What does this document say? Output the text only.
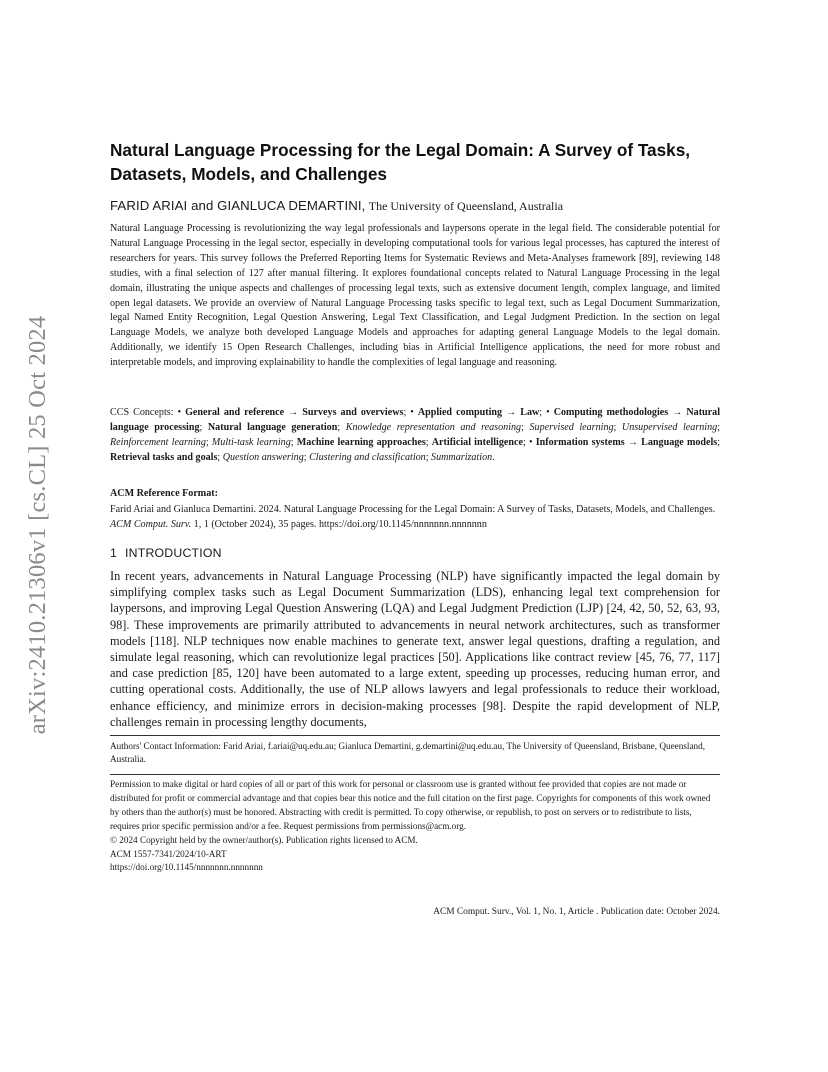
arXiv:2410.21306v1 [cs.CL] 25 Oct 2024
Natural Language Processing for the Legal Domain: A Survey of Tasks, Datasets, Models, and Challenges
FARID ARIAI and GIANLUCA DEMARTINI, The University of Queensland, Australia

Natural Language Processing is revolutionizing the way legal professionals and laypersons operate in the legal field. The considerable potential for Natural Language Processing in the legal sector, especially in developing computational tools for various legal processes, has captured the interest of researchers for years. This survey follows the Preferred Reporting Items for Systematic Reviews and Meta-Analyses framework [89], reviewing 148 studies, with a final selection of 127 after manual filtering. It explores foundational concepts related to Natural Language Processing in the legal domain, illustrating the unique aspects and challenges of processing legal texts, such as extensive document length, complex language, and limited open legal datasets. We provide an overview of Natural Language Processing tasks specific to legal text, such as Legal Document Summarization, legal Named Entity Recognition, Legal Question Answering, Legal Text Classification, and Legal Judgment Prediction. In the section on legal Language Models, we analyze both developed Language Models and approaches for adapting general Language Models to the legal domain. Additionally, we identify 15 Open Research Challenges, including bias in Artificial Intelligence applications, the need for more robust and interpretable models, and improving explainability to handle the complexities of legal language and reasoning.

CCS Concepts: • General and reference → Surveys and overviews; • Applied computing → Law; • Computing methodologies → Natural language processing; Natural language generation; Knowledge representation and reasoning; Supervised learning; Unsupervised learning; Reinforcement learning; Multi-task learning; Machine learning approaches; Artificial intelligence; • Information systems → Language models; Retrieval tasks and goals; Question answering; Clustering and classification; Summarization.

ACM Reference Format:

Farid Ariai and Gianluca Demartini. 2024. Natural Language Processing for the Legal Domain: A Survey of Tasks, Datasets, Models, and Challenges. ACM Comput. Surv. 1, 1 (October 2024), 35 pages. https://doi.org/10.1145/nnnnnnn.nnnnnnn

1 INTRODUCTION

In recent years, advancements in Natural Language Processing (NLP) have significantly impacted the legal domain by simplifying complex tasks such as Legal Document Summarization (LDS), enhancing legal text comprehension for laypersons, and improving Legal Question Answering (LQA) and Legal Judgment Prediction (LJP) [24, 42, 50, 52, 63, 93, 98]. These improvements are primarily attributed to advancements in neural network architectures, such as transformer models [118]. NLP techniques now enable machines to generate text, answer legal questions, drafting a regulation, and simulate legal reasoning, which can revolutionize legal practices [50]. Applications like contract review [45, 76, 77, 117] and case prediction [85, 120] have been automated to a large extent, speeding up processes, reducing human error, and cutting operational costs. Additionally, the use of NLP allows lawyers and legal professionals to reduce their workload, enhance efficiency, and minimize errors in decision-making processes [98]. Despite the rapid development of NLP, challenges remain in processing lengthy documents,

Authors' Contact Information: Farid Ariai, f.ariai@uq.edu.au; Gianluca Demartini, g.demartini@uq.edu.au, The University of Queensland, Brisbane, Queensland, Australia.

Permission to make digital or hard copies of all or part of this work for personal or classroom use is granted without fee provided that copies are not made or distributed for profit or commercial advantage and that copies bear this notice and the full citation on the first page. Copyrights for components of this work owned by others than the author(s) must be honored. Abstracting with credit is permitted. To copy otherwise, or republish, to post on servers or to redistribute to lists, requires prior specific permission and/or a fee. Request permissions from permissions@acm.org.
© 2024 Copyright held by the owner/author(s). Publication rights licensed to ACM.
ACM 1557-7341/2024/10-ART
https://doi.org/10.1145/nnnnnnn.nnnnnnn

ACM Comput. Surv., Vol. 1, No. 1, Article . Publication date: October 2024.
